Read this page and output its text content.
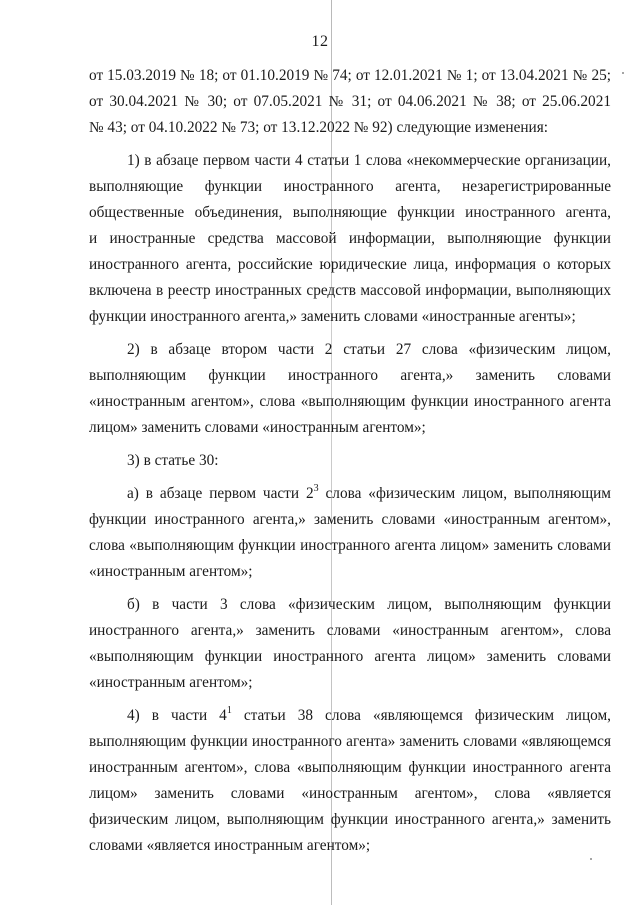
12
от 15.03.2019 № 18; от 01.10.2019 № 74; от 12.01.2021 № 1; от 13.04.2021 № 25;
от 30.04.2021 № 30; от 07.05.2021 № 31; от 04.06.2021 № 38; от 25.06.2021
№ 43; от 04.10.2022 № 73; от 13.12.2022 № 92) следующие изменения:
1) в абзаце первом части 4 статьи 1 слова «некоммерческие организации,
выполняющие функции иностранного агента, незарегистрированные
общественные объединения, выполняющие функции иностранного агента,
и иностранные средства массовой информации, выполняющие функции
иностранного агента, российские юридические лица, информация о которых
включена в реестр иностранных средств массовой информации, выполняющих
функции иностранного агента,» заменить словами «иностранные агенты»;
2) в абзаце втором части 2 статьи 27 слова «физическим лицом,
выполняющим функции иностранного агента,» заменить словами
«иностранным агентом», слова «выполняющим функции иностранного агента
лицом» заменить словами «иностранным агентом»;
3) в статье 30:
а) в абзаце первом части $2^3$ слова «физическим лицом, выполняющим
функции иностранного агента,» заменить словами «иностранным агентом»,
слова «выполняющим функции иностранного агента лицом» заменить словами
«иностранным агентом»;
б) в части 3 слова «физическим лицом, выполняющим функции
иностранного агента,» заменить словами «иностранным агентом», слова
«выполняющим функции иностранного агента лицом» заменить словами
«иностранным агентом»;
4) в части $4^1$ статьи 38 слова «являющемся физическим лицом,
выполняющим функции иностранного агента» заменить словами «являющемся
иностранным агентом», слова «выполняющим функции иностранного агента
лицом» заменить словами «иностранным агентом», слова «является
физическим лицом, выполняющим функции иностранного агента,» заменить
словами «является иностранным агентом»;
